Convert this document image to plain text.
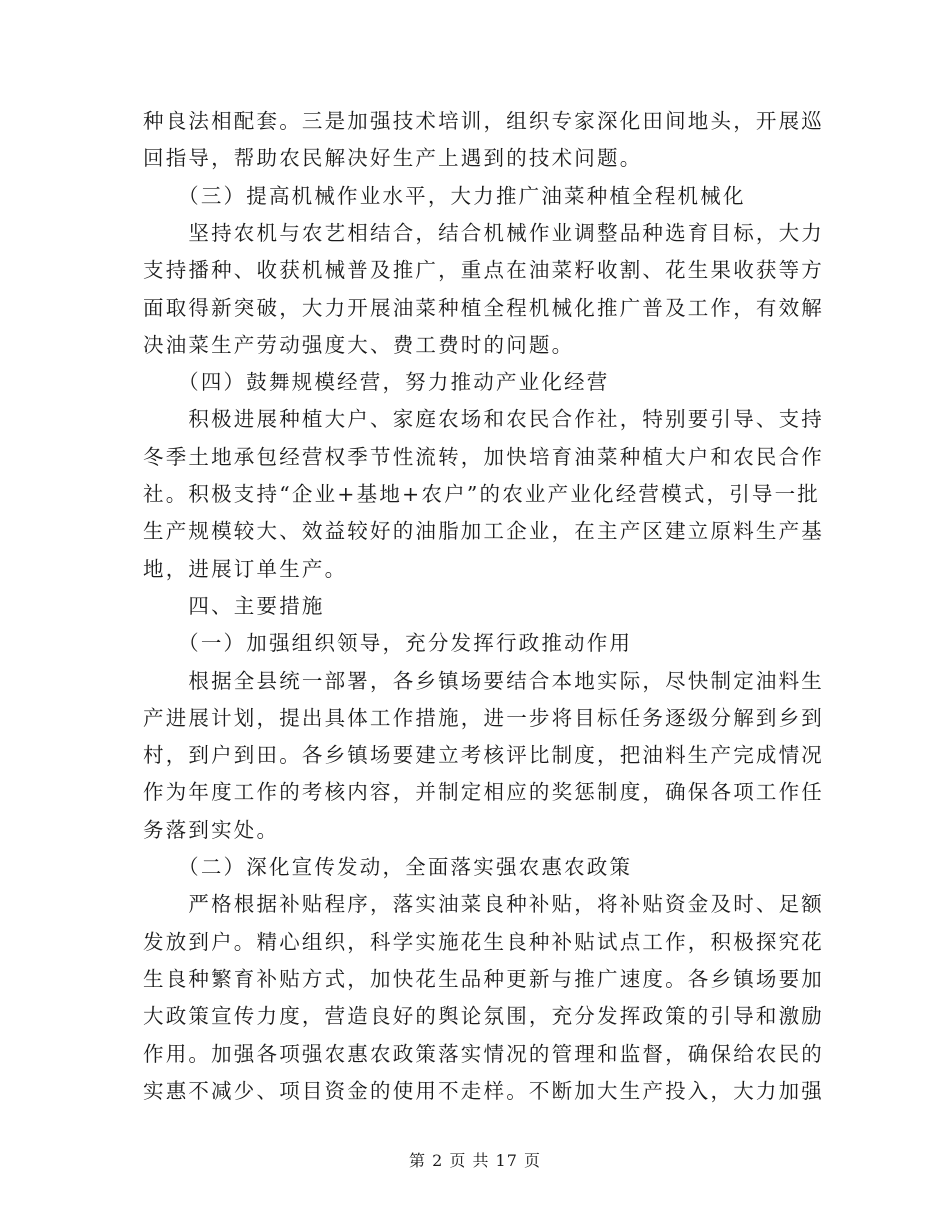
种良法相配套。三是加强技术培训，组织专家深化田间地头，开展巡
回指导，帮助农民解决好生产上遇到的技术问题。
　　（三）提高机械作业水平，大力推广油菜种植全程机械化
　　坚持农机与农艺相结合，结合机械作业调整品种选育目标，大力
支持播种、收获机械普及推广，重点在油菜籽收割、花生果收获等方
面取得新突破，大力开展油菜种植全程机械化推广普及工作，有效解
决油菜生产劳动强度大、费工费时的问题。
　　（四）鼓舞规模经营，努力推动产业化经营
　　积极进展种植大户、家庭农场和农民合作社，特别要引导、支持
冬季土地承包经营权季节性流转，加快培育油菜种植大户和农民合作
社。积极支持“企业+基地+农户”的农业产业化经营模式，引导一批
生产规模较大、效益较好的油脂加工企业，在主产区建立原料生产基
地，进展订单生产。
　　四、主要措施
　　（一）加强组织领导，充分发挥行政推动作用
　　根据全县统一部署，各乡镇场要结合本地实际，尽快制定油料生
产进展计划，提出具体工作措施，进一步将目标任务逐级分解到乡到
村，到户到田。各乡镇场要建立考核评比制度，把油料生产完成情况
作为年度工作的考核内容，并制定相应的奖惩制度，确保各项工作任
务落到实处。
　　（二）深化宣传发动，全面落实强农惠农政策
　　严格根据补贴程序，落实油菜良种补贴，将补贴资金及时、足额
发放到户。精心组织，科学实施花生良种补贴试点工作，积极探究花
生良种繁育补贴方式，加快花生品种更新与推广速度。各乡镇场要加
大政策宣传力度，营造良好的舆论氛围，充分发挥政策的引导和激励
作用。加强各项强农惠农政策落实情况的管理和监督，确保给农民的
实惠不减少、项目资金的使用不走样。不断加大生产投入，大力加强
第 2 页 共 17 页
